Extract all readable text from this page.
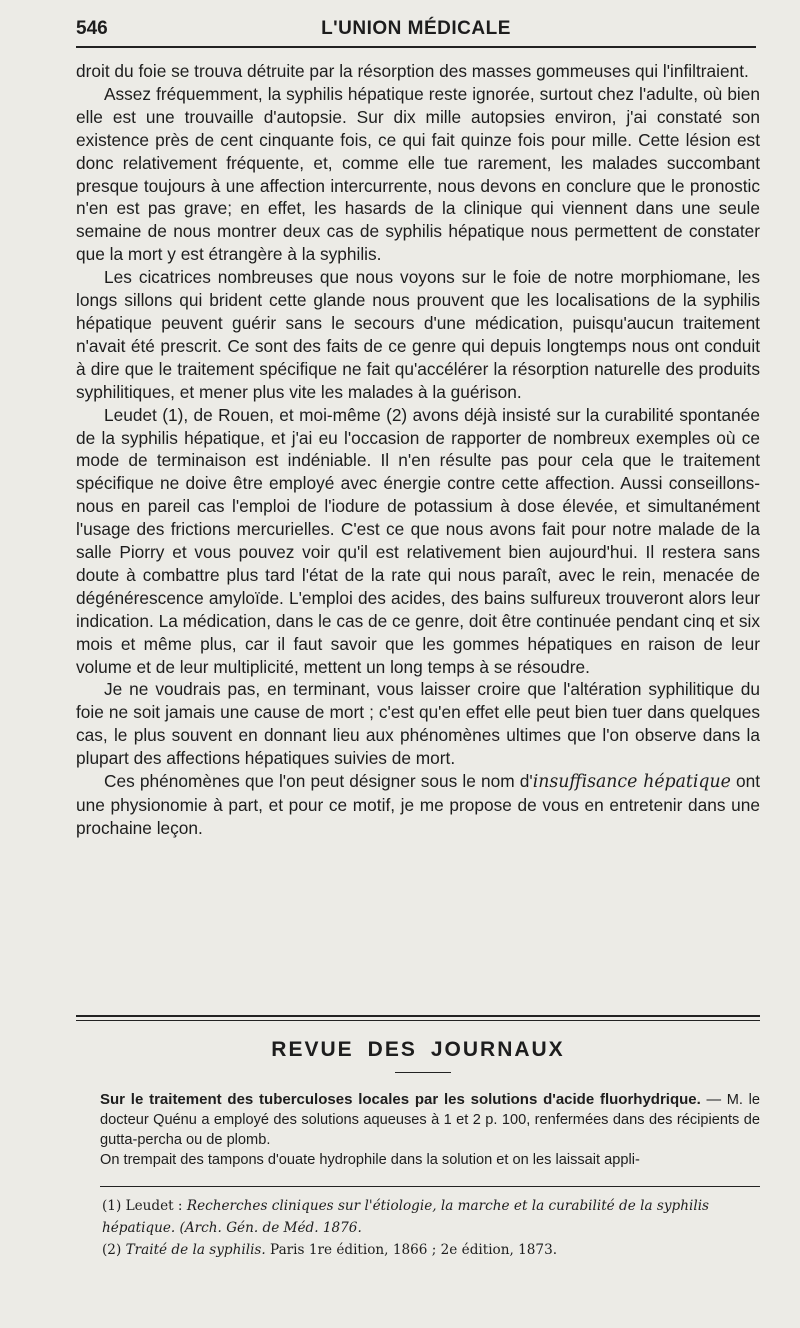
546	L'UNION MÉDICALE

droit du foie se trouva détruite par la résorption des masses gommeuses qui l'infiltraient.

Assez fréquemment, la syphilis hépatique reste ignorée, surtout chez l'adulte, où bien elle est une trouvaille d'autopsie. Sur dix mille autopsies environ, j'ai constaté son existence près de cent cinquante fois, ce qui fait quinze fois pour mille. Cette lésion est donc relativement fréquente, et, comme elle tue rarement, les malades succombant presque toujours à une affection intercurrente, nous devons en conclure que le pronostic n'en est pas grave; en effet, les hasards de la clinique qui viennent dans une seule semaine de nous montrer deux cas de syphilis hépatique nous permettent de constater que la mort y est étrangère à la syphilis.

Les cicatrices nombreuses que nous voyons sur le foie de notre morphiomane, les longs sillons qui brident cette glande nous prouvent que les localisations de la syphilis hépatique peuvent guérir sans le secours d'une médication, puisqu'aucun traitement n'avait été prescrit. Ce sont des faits de ce genre qui depuis longtemps nous ont conduit à dire que le traitement spécifique ne fait qu'accélérer la résorption naturelle des produits syphilitiques, et mener plus vite les malades à la guérison.

Leudet (1), de Rouen, et moi-même (2) avons déjà insisté sur la curabilité spontanée de la syphilis hépatique, et j'ai eu l'occasion de rapporter de nombreux exemples où ce mode de terminaison est indéniable. Il n'en résulte pas pour cela que le traitement spécifique ne doive être employé avec énergie contre cette affection. Aussi conseillons-nous en pareil cas l'emploi de l'iodure de potassium à dose élevée, et simultanément l'usage des frictions mercurielles. C'est ce que nous avons fait pour notre malade de la salle Piorry et vous pouvez voir qu'il est relativement bien aujourd'hui. Il restera sans doute à combattre plus tard l'état de la rate qui nous paraît, avec le rein, menacée de dégénérescence amyloïde. L'emploi des acides, des bains sulfureux trouveront alors leur indication. La médication, dans le cas de ce genre, doit être continuée pendant cinq et six mois et même plus, car il faut savoir que les gommes hépatiques en raison de leur volume et de leur multiplicité, mettent un long temps à se résoudre.

Je ne voudrais pas, en terminant, vous laisser croire que l'altération syphilitique du foie ne soit jamais une cause de mort ; c'est qu'en effet elle peut bien tuer dans quelques cas, le plus souvent en donnant lieu aux phénomènes ultimes que l'on observe dans la plupart des affections hépatiques suivies de mort.

Ces phénomènes que l'on peut désigner sous le nom d'insuffisance hépatique ont une physionomie à part, et pour ce motif, je me propose de vous en entretenir dans une prochaine leçon.

REVUE DES JOURNAUX

Sur le traitement des tuberculoses locales par les solutions d'acide fluorhydrique. — M. le docteur Quénu a employé des solutions aqueuses à 1 et 2 p. 100, renfermées dans des récipients de gutta-percha ou de plomb.

On trempait des tampons d'ouate hydrophile dans la solution et on les laissait appli-

(1) Leudet : Recherches cliniques sur l'étiologie, la marche et la curabilité de la syphilis hépatique. (Arch. Gén. de Méd. 1876.

(2) Traité de la syphilis. Paris 1re édition, 1866 ; 2e édition, 1873.
